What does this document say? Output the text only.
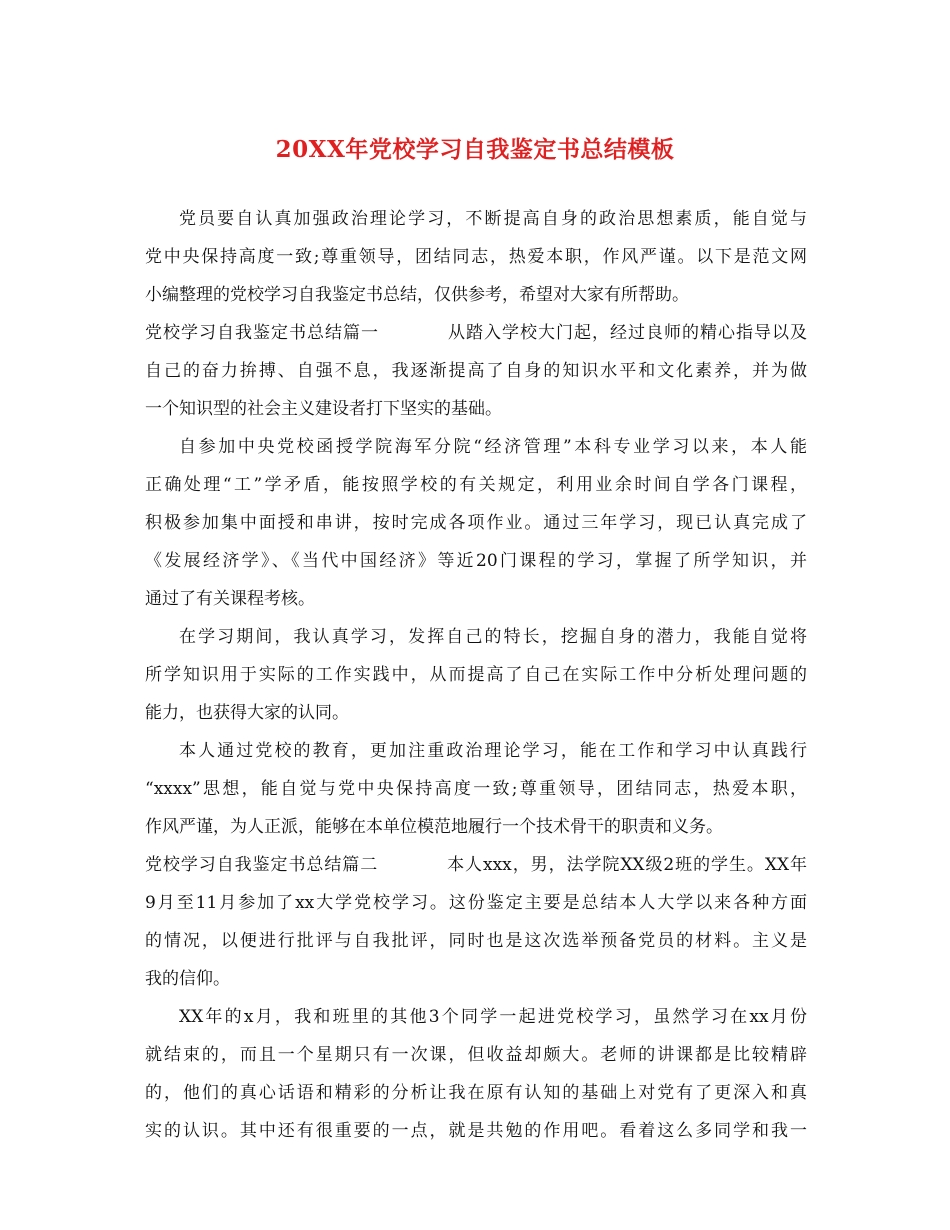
20XX年党校学习自我鉴定书总结模板
党员要自认真加强政治理论学习，不断提高自身的政治思想素质，能自觉与
党中央保持高度一致;尊重领导，团结同志，热爱本职，作风严谨。以下是范文网
小编整理的党校学习自我鉴定书总结，仅供参考，希望对大家有所帮助。
党校学习自我鉴定书总结篇一	从踏入学校大门起，经过良师的精心指导以及
自己的奋力拚搏、自强不息，我逐渐提高了自身的知识水平和文化素养，并为做
一个知识型的社会主义建设者打下坚实的基础。
自参加中央党校函授学院海军分院“经济管理”本科专业学习以来，本人能
正确处理“工”学矛盾，能按照学校的有关规定，利用业余时间自学各门课程，
积极参加集中面授和串讲，按时完成各项作业。通过三年学习，现已认真完成了
《发展经济学》、《当代中国经济》等近20门课程的学习，掌握了所学知识，并
通过了有关课程考核。
在学习期间，我认真学习，发挥自己的特长，挖掘自身的潜力，我能自觉将
所学知识用于实际的工作实践中，从而提高了自己在实际工作中分析处理问题的
能力，也获得大家的认同。
本人通过党校的教育，更加注重政治理论学习，能在工作和学习中认真践行
“xxxx”思想，能自觉与党中央保持高度一致;尊重领导，团结同志，热爱本职，
作风严谨，为人正派，能够在本单位模范地履行一个技术骨干的职责和义务。
党校学习自我鉴定书总结篇二	本人xxx，男，法学院XX级2班的学生。XX年
9月至11月参加了xx大学党校学习。这份鉴定主要是总结本人大学以来各种方面
的情况，以便进行批评与自我批评，同时也是这次选举预备党员的材料。主义是
我的信仰。
XX年的x月，我和班里的其他3个同学一起进党校学习，虽然学习在xx月份
就结束的，而且一个星期只有一次课，但收益却颇大。老师的讲课都是比较精辟
的，他们的真心话语和精彩的分析让我在原有认知的基础上对党有了更深入和真
实的认识。其中还有很重要的一点，就是共勉的作用吧。看着这么多同学和我一
